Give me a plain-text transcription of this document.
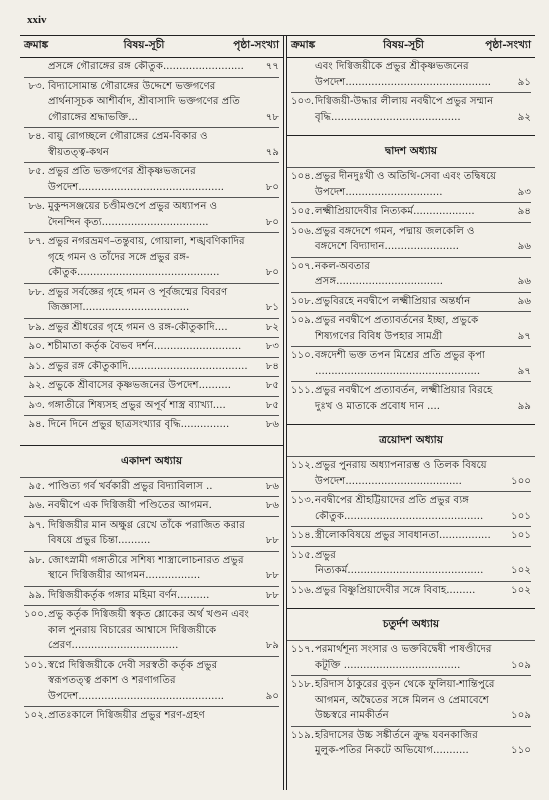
xxiv
ক্রমাঙ্ক	বিষয়-সূচী	পৃষ্ঠা-সংখ্যা
প্রসঙ্গে গৌরাঙ্গের রঙ্গ কৌতুক.........................	৭৭
৮৩. বিদ্যাসোমান্ত গৌরাঙ্গের উদ্দেশে ভক্তগণের প্রার্থনাসূচক আশীর্বাদ, শ্রীবাসাদি ভক্তগণের প্রতি গৌরাঙ্গের শ্রদ্ধাভক্তি...	৭৮
৮৪. বায়ু রোগচ্ছলে গৌরাঙ্গের প্রেম-বিকার ও স্বীয়তত্ত্ব-কথন	৭৯
৮৫. প্রভুর প্রতি ভক্তগণের শ্রীকৃষ্ণভজনের উপদেশ.............................................	৮০
৮৬. মুকুন্দসঞ্জয়ের চণ্ডীমণ্ডপে প্রভুর অধ্যাপন ও দৈনন্দিন কৃত্য.................................	৮০
৮৭. প্রভুর নগরভ্রমণ–তন্তুবায়, গোয়ালা, শঙ্খবণিকাদির গৃহে গমন ও তাঁদের সঙ্গে প্রভুর রঙ্গ-কৌতুক............................................	৮০
৮৮. প্রভুর সর্বজ্ঞের গৃহে গমন ও পূর্বজন্মের বিবরণ জিজ্ঞাসা.................................	৮১
৮৯. প্রভুর শ্রীধরের গৃহে গমন ও রঙ্গ-কৌতুকাদি....	৮২
৯০. শচীমাতা কর্তৃক বৈভব দর্শন...........................	৮৩
৯১. প্রভুর রঙ্গ কৌতুকাদি.....................................	৮৪
৯২. প্রভুকে শ্রীবাসের কৃষ্ণভজনের উপদেশ..........	৮৫
৯৩. গঙ্গাতীরে শিষ্যসহ প্রভুর অপূর্ব শাস্ত্র ব্যাখ্যা....	৮৫
৯৪. দিনে দিনে প্রভুর ছাত্রসংখ্যার বৃদ্ধি...............	৮৬
একাদশ অধ্যায়
৯৫. পাণ্ডিত্য গর্ব খর্বকারী প্রভুর বিদ্যাবিলাস ..	৮৬
৯৬. নবদ্বীপে এক দিগ্বিজয়ী পণ্ডিতের আগমন.	৮৬
৯৭. দিগ্বিজয়ীর মান অক্ষুণ্ণ রেখে তাঁকে পরাজিত করার বিষয়ে প্রভুর চিন্তা..........	৮৮
৯৮. জোৎস্নামী গঙ্গাতীরে সশিষ্য শাস্ত্রালোচনারত প্রভুর স্থানে দিগ্বিজয়ীর আগমন.................	৮৮
৯৯. দিগ্বিজয়ীকর্তৃক গঙ্গার মহিমা বর্ণন..........	৮৮
১০০. প্রভু কর্তৃক দিগ্বিজয়ী স্বকৃত শ্লোকের অর্থ খণ্ডন এবং কাল পুনরায় বিচারের আশ্বাসে দিগ্বিজয়ীকে প্রেরণ.................................	৮৯
১০১. স্বপ্নে দিগ্বিজয়ীকে দেবী সরস্বতী কর্তৃক প্রভুর স্বরূপতত্ত্ব প্রকাশ ও শরণাগতির উপদেশ.............................................	৯০
১০২. প্রাতঃকালে দিগ্বিজয়ীর প্রভুর শরণ-গ্রহণ
ক্রমাঙ্ক	বিষয়-সূচী	পৃষ্ঠা-সংখ্যা
এবং দিগ্বিজয়ীকে প্রভুর শ্রীকৃষ্ণভজনের উপদেশ.............................................	৯১
১০৩. দিগ্বিজয়ী-উদ্ধার লীলায় নবদ্বীপে প্রভুর সম্মান বৃদ্ধি........................................	৯২
দ্বাদশ অধ্যায়
১০৪. প্রভুর দীনদুঃখী ও অতিথি-সেবা এবং তদ্বিষয়ে উপদেশ..............................	৯৩
১০৫. লক্ষ্মীপ্রিয়াদেবীর নিত্যকর্ম...................	৯৪
১০৬. প্রভুর বঙ্গদেশে গমন, পদ্মায় জলকেলি ও বঙ্গদেশে বিদ্যাদান.......................	৯৬
১০৭. নকল-অবতার প্রসঙ্গ.................................	৯৬
১০৮. প্রভুবিরহে নবদ্বীপে লক্ষ্মীপ্রিয়ার অন্তর্ধান	৯৬
১০৯. প্রভুর নবদ্বীপে প্রত্যাবর্তনের ইচ্ছা, প্রভুকে শিষ্যগণের বিবিধ উপহার সামগ্রী	৯৭
১১০. বঙ্গদেশী ভক্ত তপন মিশ্রের প্রতি প্রভুর কৃপা ...................................................	৯৭
১১১. প্রভুর নবদ্বীপে প্রত্যাবর্তন, লক্ষ্মীপ্রিয়ার বিরহে দুঃখ ও মাতাকে প্রবোধ দান ....	৯৯
ত্রয়োদশ অধ্যায়
১১২. প্রভুর পুনরায় অধ্যাপনারম্ভ ও তিলক বিষয়ে উপদেশ....................................	১০০
১১৩. নবদ্বীপের শ্রীহট্টিয়াদের প্রতি প্রভুর ব্যঙ্গ কৌতুক...........................................	১০১
১১৪. স্ত্রীলোকবিষয়ে প্রভুর সাবধানতা................	১০১
১১৫. প্রভুর নিত্যকর্ম..........................................	১০২
১১৬. প্রভুর বিষ্ণুপ্রিয়াদেবীর সঙ্গে বিবাহ.........	১০২
চতুর্দশ অধ্যায়
১১৭. পরমার্থশূন্য সংসার ও ভক্তবিদ্বেষী পাষণ্ডীদের কটূক্তি ....................................	১০৯
১১৮. হরিদাস ঠাকুরের বুড়ন থেকে ফুলিয়া-শান্তিপুরে আগমন, অদ্বৈতের সঙ্গে মিলন ও প্রেমাবেশে উচ্চস্বরে নামকীর্তন	১০৯
১১৯. হরিদাসের উচ্চ সঙ্কীর্তনে ক্রুদ্ধ যবনকাজির মুলুক-পতির নিকটে অভিযোগ...........	১১০
